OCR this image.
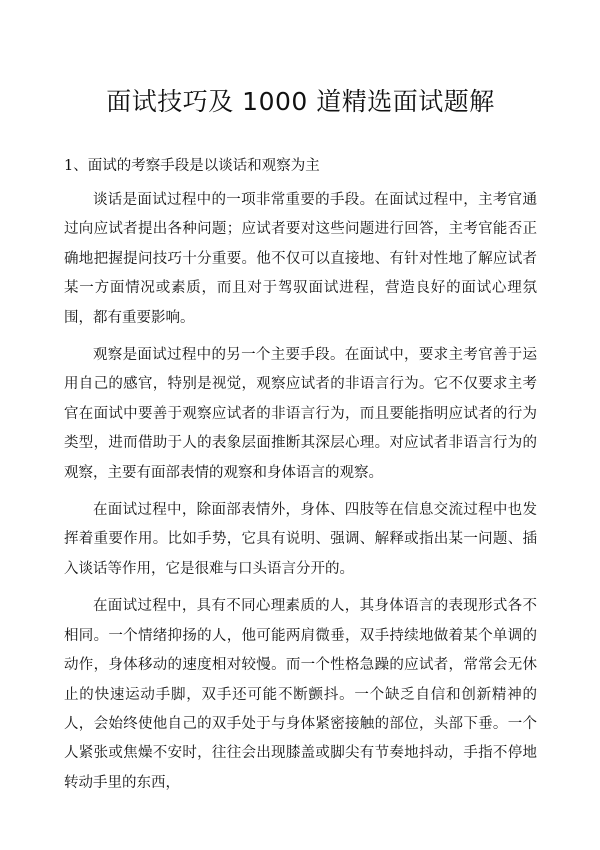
面试技巧及 1000 道精选面试题解

1、面试的考察手段是以谈话和观察为主

谈话是面试过程中的一项非常重要的手段。在面试过程中，主考官通过向应试者提出各种问题；应试者要对这些问题进行回答，主考官能否正确地把握提问技巧十分重要。他不仅可以直接地、有针对性地了解应试者某一方面情况或素质，而且对于驾驭面试进程，营造良好的面试心理氛围，都有重要影响。

观察是面试过程中的另一个主要手段。在面试中，要求主考官善于运用自己的感官，特别是视觉，观察应试者的非语言行为。它不仅要求主考官在面试中要善于观察应试者的非语言行为，而且要能指明应试者的行为类型，进而借助于人的表象层面推断其深层心理。对应试者非语言行为的观察，主要有面部表情的观察和身体语言的观察。

在面试过程中，除面部表情外，身体、四肢等在信息交流过程中也发挥着重要作用。比如手势，它具有说明、强调、解释或指出某一问题、插入谈话等作用，它是很难与口头语言分开的。

在面试过程中，具有不同心理素质的人，其身体语言的表现形式各不相同。一个情绪抑扬的人，他可能两肩微垂，双手持续地做着某个单调的动作，身体移动的速度相对较慢。而一个性格急躁的应试者，常常会无休止的快速运动手脚，双手还可能不断颤抖。一个缺乏自信和创新精神的人，会始终使他自己的双手处于与身体紧密接触的部位，头部下垂。一个人紧张或焦燥不安时，往往会出现膝盖或脚尖有节奏地抖动，手指不停地转动手里的东西，
